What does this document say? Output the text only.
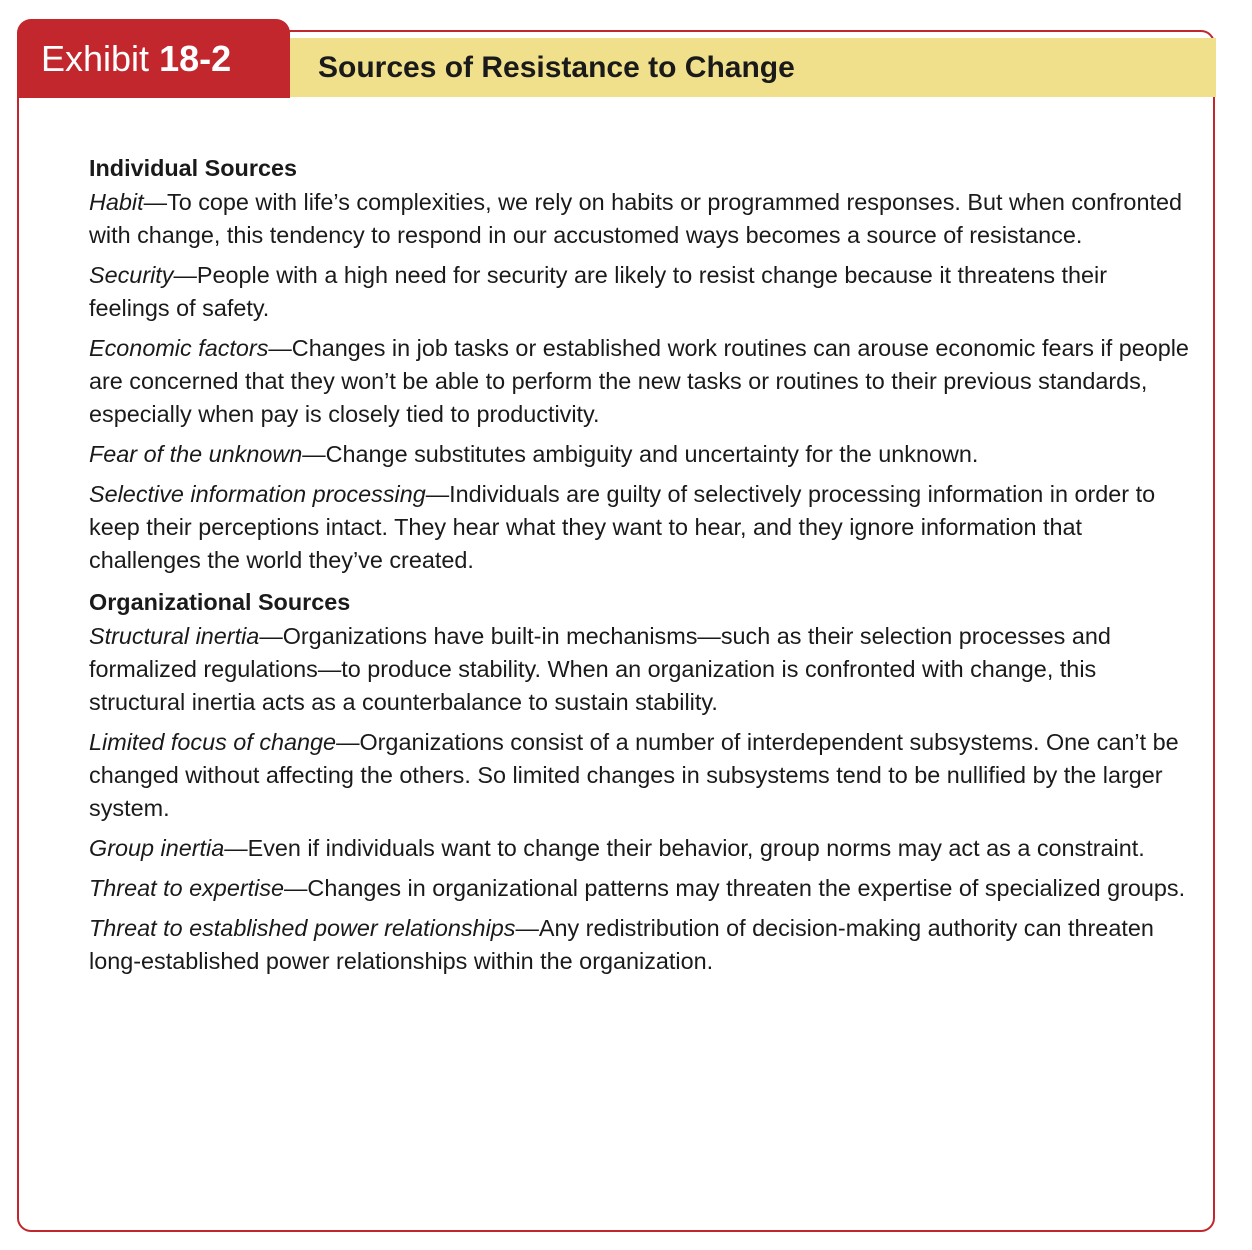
Exhibit 18-2	Sources of Resistance to Change
Individual Sources

Habit—To cope with life’s complexities, we rely on habits or programmed responses. But when confronted with change, this tendency to respond in our accustomed ways becomes a source of resistance.

Security—People with a high need for security are likely to resist change because it threatens their feelings of safety.

Economic factors—Changes in job tasks or established work routines can arouse economic fears if people are concerned that they won’t be able to perform the new tasks or routines to their previous standards, especially when pay is closely tied to productivity.

Fear of the unknown—Change substitutes ambiguity and uncertainty for the unknown.

Selective information processing—Individuals are guilty of selectively processing information in order to keep their perceptions intact. They hear what they want to hear, and they ignore information that challenges the world they’ve created.

Organizational Sources

Structural inertia—Organizations have built-in mechanisms—such as their selection processes and formalized regulations—to produce stability. When an organization is confronted with change, this structural inertia acts as a counterbalance to sustain stability.

Limited focus of change—Organizations consist of a number of interdependent subsystems. One can’t be changed without affecting the others. So limited changes in subsystems tend to be nullified by the larger system.

Group inertia—Even if individuals want to change their behavior, group norms may act as a constraint.

Threat to expertise—Changes in organizational patterns may threaten the expertise of specialized groups.

Threat to established power relationships—Any redistribution of decision-making authority can threaten long-established power relationships within the organization.
